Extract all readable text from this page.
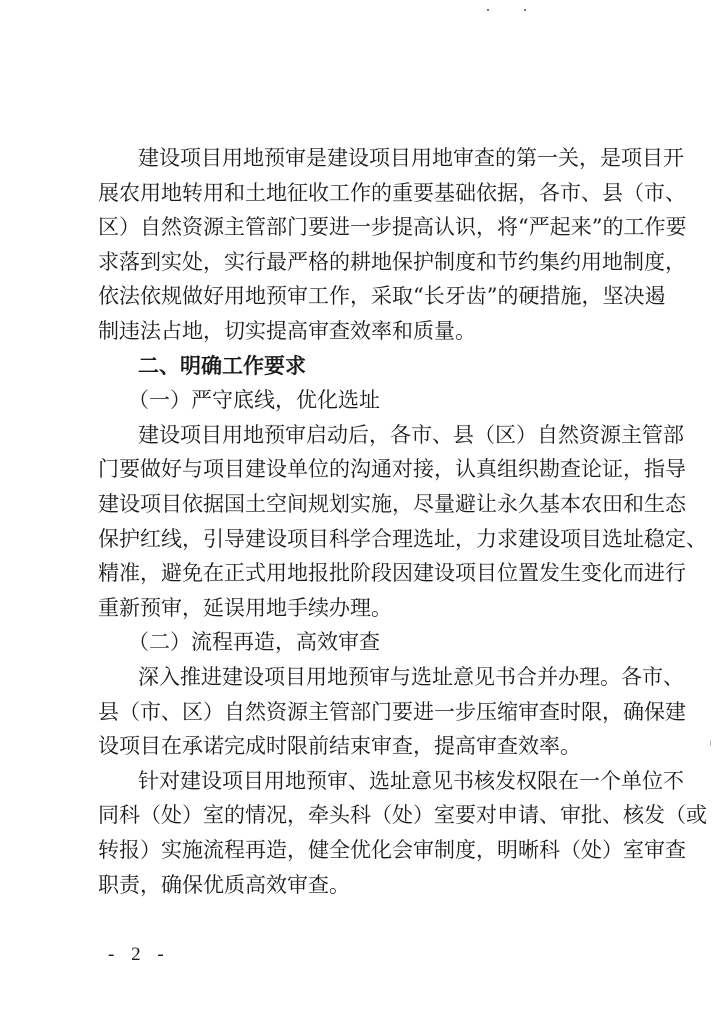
建设项目用地预审是建设项目用地审查的第一关，是项目开

展农用地转用和土地征收工作的重要基础依据，各市、县（市、

区）自然资源主管部门要进一步提高认识，将“严起来”的工作要

求落到实处，实行最严格的耕地保护制度和节约集约用地制度，

依法依规做好用地预审工作，采取“长牙齿”的硬措施，坚决遏

制违法占地，切实提高审查效率和质量。

二、明确工作要求

（一）严守底线，优化选址

建设项目用地预审启动后，各市、县（区）自然资源主管部

门要做好与项目建设单位的沟通对接，认真组织勘查论证，指导

建设项目依据国土空间规划实施，尽量避让永久基本农田和生态

保护红线，引导建设项目科学合理选址，力求建设项目选址稳定、

精准，避免在正式用地报批阶段因建设项目位置发生变化而进行

重新预审，延误用地手续办理。

（二）流程再造，高效审查

深入推进建设项目用地预审与选址意见书合并办理。各市、

县（市、区）自然资源主管部门要进一步压缩审查时限，确保建

设项目在承诺完成时限前结束审查，提高审查效率。

针对建设项目用地预审、选址意见书核发权限在一个单位不

同科（处）室的情况，牵头科（处）室要对申请、审批、核发（或

转报）实施流程再造，健全优化会审制度，明晰科（处）室审查

职责，确保优质高效审查。

- 2 -
